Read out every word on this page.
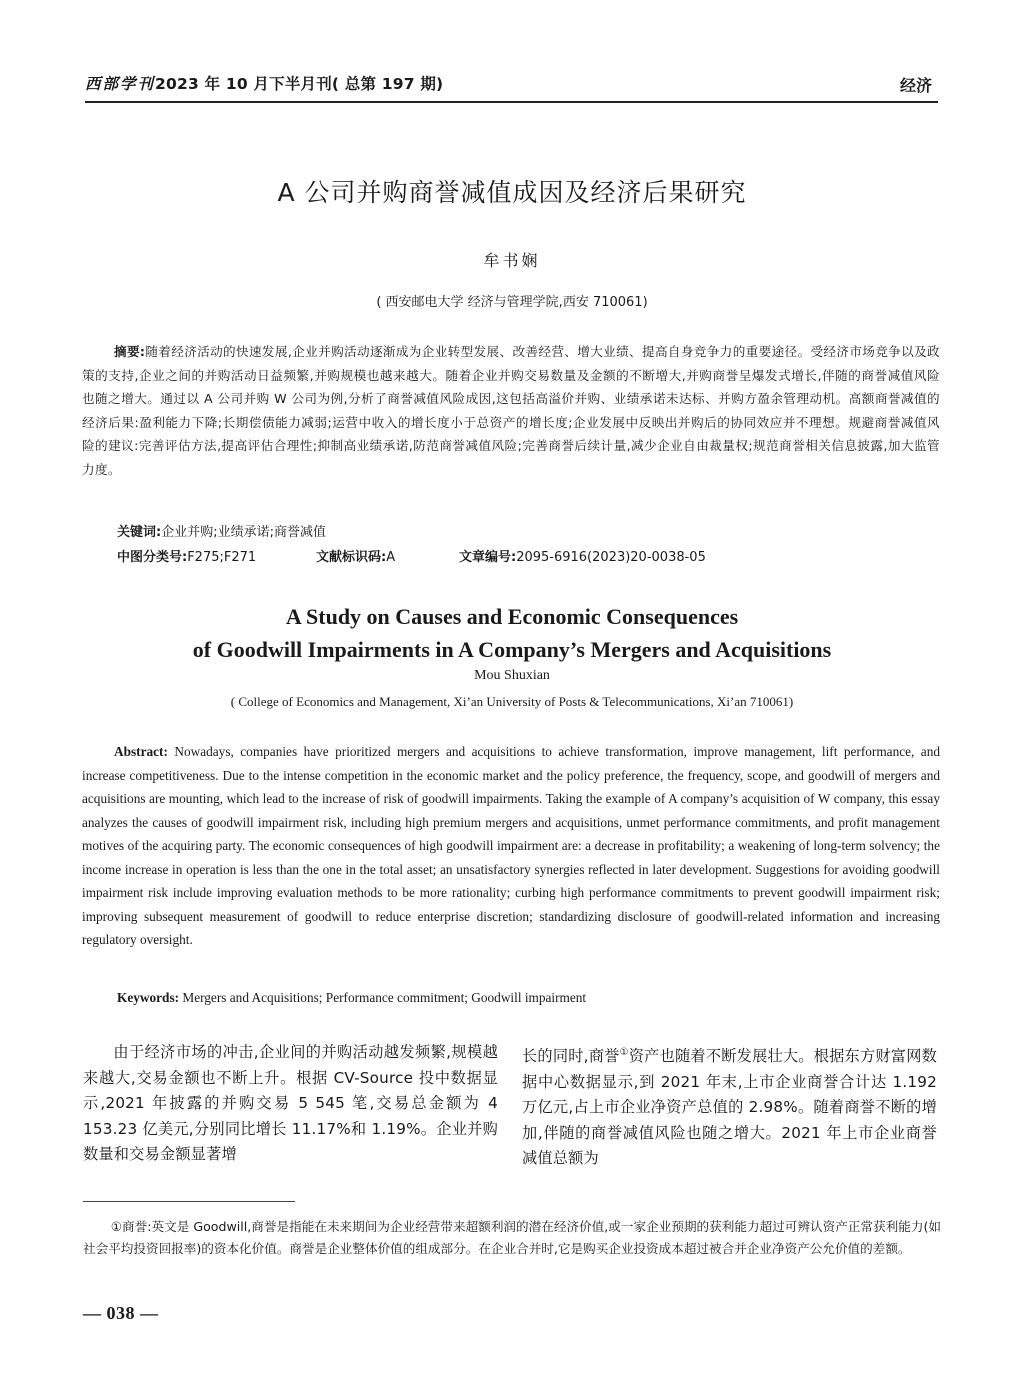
西部学刊2023 年 10 月下半月刊( 总第 197 期)	经济
A 公司并购商誉减值成因及经济后果研究
牟书娴
( 西安邮电大学 经济与管理学院,西安 710061)
摘要:随着经济活动的快速发展,企业并购活动逐渐成为企业转型发展、改善经营、增大业绩、提高自身竞争力的重要途径。受经济市场竞争以及政策的支持,企业之间的并购活动日益频繁,并购规模也越来越大。随着企业并购交易数量及金额的不断增大,并购商誉呈爆发式增长,伴随的商誉减值风险也随之增大。通过以 A 公司并购 W 公司为例,分析了商誉减值风险成因,这包括高溢价并购、业绩承诺未达标、并购方盈余管理动机。高额商誉减值的经济后果:盈利能力下降;长期偿债能力减弱;运营中收入的增长度小于总资产的增长度;企业发展中反映出并购后的协同效应并不理想。规避商誉减值风险的建议:完善评估方法,提高评估合理性;抑制高业绩承诺,防范商誉减值风险;完善商誉后续计量,减少企业自由裁量权;规范商誉相关信息披露,加大监管力度。
关键词:企业并购;业绩承诺;商誉减值
中图分类号:F275;F271	文献标识码:A	文章编号:2095-6916(2023)20-0038-05
A Study on Causes and Economic Consequences
of Goodwill Impairments in A Company’s Mergers and Acquisitions
Mou Shuxian
( College of Economics and Management, Xi’an University of Posts & Telecommunications, Xi’an 710061)
Abstract: Nowadays, companies have prioritized mergers and acquisitions to achieve transformation, improve management, lift performance, and increase competitiveness. Due to the intense competition in the economic market and the policy preference, the frequency, scope, and goodwill of mergers and acquisitions are mounting, which lead to the increase of risk of goodwill impairments. Taking the example of A company’s acquisition of W company, this essay analyzes the causes of goodwill impairment risk, including high premium mergers and acquisitions, unmet performance commitments, and profit management motives of the acquiring party. The economic consequences of high goodwill impairment are: a decrease in profitability; a weakening of long-term solvency; the income increase in operation is less than the one in the total asset; an unsatisfactory synergies reflected in later development. Suggestions for avoiding goodwill impairment risk include improving evaluation methods to be more rationality; curbing high performance commitments to prevent goodwill impairment risk; improving subsequent measurement of goodwill to reduce enterprise discretion; standardizing disclosure of goodwill-related information and increasing regulatory oversight.
Keywords: Mergers and Acquisitions; Performance commitment; Goodwill impairment
由于经济市场的冲击,企业间的并购活动越发频繁,规模越来越大,交易金额也不断上升。根据 CV-Source 投中数据显示,2021 年披露的并购交易 5 545 笔,交易总金额为 4 153.23 亿美元,分别同比增长 11.17%和 1.19%。企业并购数量和交易金额显著增
长的同时,商誉①资产也随着不断发展壮大。根据东方财富网数据中心数据显示,到 2021 年末,上市企业商誉合计达 1.192 万亿元,占上市企业净资产总值的 2.98%。随着商誉不断的增加,伴随的商誉减值风险也随之增大。2021 年上市企业商誉减值总额为
①商誉:英文是 Goodwill,商誉是指能在未来期间为企业经营带来超额利润的潜在经济价值,或一家企业预期的获利能力超过可辨认资产正常获利能力(如社会平均投资回报率)的资本化价值。商誉是企业整体价值的组成部分。在企业合并时,它是购买企业投资成本超过被合并企业净资产公允价值的差额。
— 038 —
